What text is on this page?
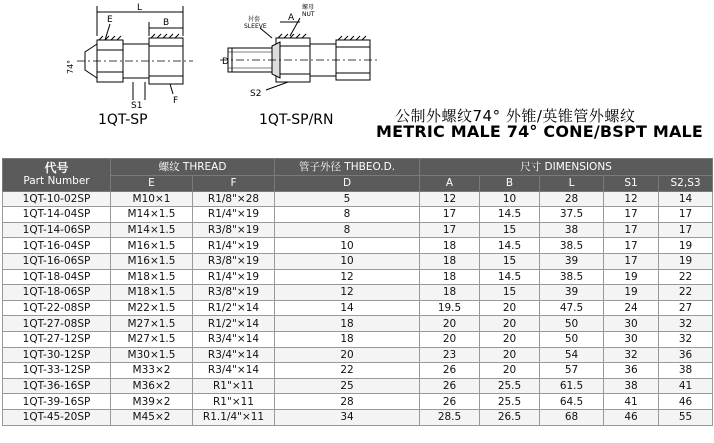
L
B
E
F
S1
74°
A
衬套
SLEEVE
螺母
NUT
D
S2
1QT-SP	1QT-SP/RN	公制外螺纹74° 外锥/英锥管外螺纹
METRIC MALE 74° CONE/BSPT MALE
代号
Part Number	螺纹 THREAD		管子外径 THBEO.D.	尺寸 DIMENSIONS				
	E	F	D	A	B	L	S1	S2,S3
1QT-10-02SP	M10×1	R1/8"×28	5	12	10	28	12	14
1QT-14-04SP	M14×1.5	R1/4"×19	8	17	14.5	37.5	17	17
1QT-14-06SP	M14×1.5	R3/8"×19	8	17	15	38	17	17
1QT-16-04SP	M16×1.5	R1/4"×19	10	18	14.5	38.5	17	19
1QT-16-06SP	M16×1.5	R3/8"×19	10	18	15	39	17	19
1QT-18-04SP	M18×1.5	R1/4"×19	12	18	14.5	38.5	19	22
1QT-18-06SP	M18×1.5	R3/8"×19	12	18	15	39	19	22
1QT-22-08SP	M22×1.5	R1/2"×14	14	19.5	20	47.5	24	27
1QT-27-08SP	M27×1.5	R1/2"×14	18	20	20	50	30	32
1QT-27-12SP	M27×1.5	R3/4"×14	18	20	20	50	30	32
1QT-30-12SP	M30×1.5	R3/4"×14	20	23	20	54	32	36
1QT-33-12SP	M33×2	R3/4"×14	22	26	20	57	36	38
1QT-36-16SP	M36×2	R1"×11	25	26	25.5	61.5	38	41
1QT-39-16SP	M39×2	R1"×11	28	26	25.5	64.5	41	46
1QT-45-20SP	M45×2	R1.1/4"×11	34	28.5	26.5	68	46	55
